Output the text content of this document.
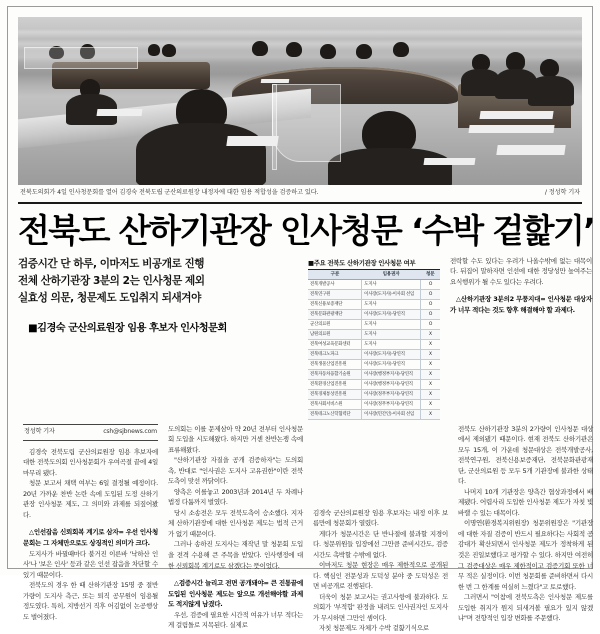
전북도의회가 4일 인사청문회를 열어 김경숙 전북도립 군산의료원장 내정자에 대한 임용 적합성을 검증하고 있다.	/ 정성학 기자
전북도 산하기관장 인사청문 ‘수박 겉핥기’
검증시간 단 하루, 이마저도 비공개로 진행
전체 산하기관장 3분의 2는 인사청문 제외
실효성 의문, 청문제도 도입취지 되새겨야
■김경숙 군산의료원장 임용 후보자 인사청문회
■주요 전북도 산하기관장 인사청문 여부
구분	임용권자	청문
전북개발공사	도지사	O
전북연구원	이사장(도지사)·이사회 선임	O
전북신용보증재단	도지사	O
전북문화관광재단	이사장(도지사)·당연직	O
군산의료원	도지사	O
남원의료원	도지사	X
전북여성교육문화센터	도지사	X
전북테크노파크	이사장(도지사)·당연직	X
전북생물산업진흥원	이사장(도지사)·당연직	X
전북자동차융합기술원	이사장(행정부지사)·당연직	X
전북환경산업진흥원	이사장(행정부지사)·당연직	X
전북경제통상진흥원	이사장(정무부지사)·당연직	X
전북사회서비스원	이사장(정무부지사)·당연직	X
전북테크노산학협력단	이사장(민간인)·이사회 선임	X

전락할 수도 있다는 우려가 나올수밖에 없는 대목이다. 뒤집어 말하자면 인선에 대한 정당성만 높여주는 요식행위가 될 수도 있다는 우려다.

△산하기관장 3분의2 무풍지대= 인사청문 대상자가 너무 적다는 것도 향후 해결해야 할 과제다.

정성학 기자	csh@sjbnews.com

김경숙 전북도립 군산의료원장 임용 후보자에 대한 전북도의회 인사청문회가 우여곡절 끝에 4일 마무리 됐다.

청문 보고서 채택 여부는 6일 결정될 예정이다. 20년 가까운 찬반 논란 속에 도입된 도정 산하기관장 인사청문 제도, 그 의미와 과제를 되짚어봤다.

△인선잡음 신뢰회복 계기로 삼자= 우선 인사청문회는 그 자체만으로도 상징적인 의미가 크다.

도지사가 바뀔때마다 불거진 이른바 '낙하산 인사'나 '보은 인사' 등과 같은 인선 잡음을 차단할 수 있기 때문이다.

전북도의 경우 한 때 산하기관장 15명 중 절반 가량이 도지사 측근, 또는 퇴직 공무원이 임용될 정도였다. 특히, 지방선거 직후 어김없이 논공행상도 벌어졌다.

도의회는 이를 문제삼아 약 20년 전부터 인사청문회 도입을 시도해왔다. 하지만 거센 찬반논쟁 속에 표류해왔다.

"산하기관장 자질을 공개 검증하자"는 도의회측, 반대로 "인사권은 도지사 고유권한"이란 전북도측이 맞선 까닭이다.

양측은 이를놓고 2003년과 2014년 두 차례나 법정 다툼까지 벌였다.

당시 소송전은 모두 전북도측이 승소했다. 지자체 산하기관장에 대한 인사청문 제도는 법적 근거가 없기 때문이다.

그러나 송하진 도지사는 재작년 말 청문회 도입을 전격 수용해 큰 주목을 받았다. 인사행정에 대한 신뢰회복 계기로도 삼겠다는 뜻이었다.

△검증시간 늘리고 전면 공개돼야= 큰 진통끝에 도입된 인사청문 제도는 앞으로 개선해야할 과제도 적지않게 남겼다.

우선, 검증에 필요한 시간적 여유가 너무 적다는 게 걸림돌로 지목된다. 실제로

김경숙 군산의료원장 임용 후보자는 내정 이후 보름만에 청문회가 열렸다.

게다가 청문시간은 단 반나절에 불과할 지경이다. 청문위원들 입장에선 그만큼 준비시간도, 검증시간도 촉박할 수밖에 없다.

이마저도 청문 현장은 매우 제한적으로 공개된다. 핵심인 전문성과 도덕성 분야 중 도덕성은 전면 비공개로 진행된다.

더욱이 청문 보고서는 권고사항에 불과하다. 도의회가 '부적합' 판정을 내려도 인사권자인 도지사가 무시하면 그만인 셈이다.

자칫 청문제도 자체가 수박 겉핥기식으로

전북도 산하기관장 3분의 2가량이 인사청문 대상에서 제외됐기 때문이다. 현재 전북도 산하기관은 모두 15개, 이 가운데 청문대상은 전북개발공사, 전북연구원, 전북신용보증재단, 전북문화관광재단, 군산의료원 등 모두 5개 기관장에 불과한 상태다.

나머지 10개 기관장은 양측간 협상과정에서 배제됐다. 어렵사리 도입한 인사청문 제도가 자칫 빛바랠 수 있는 대목이다.

이명연(환경복지위원장) 청문위원장은 "기관장에 대한 자질 검증이 반드시 필요하다는 사회적 공감대가 확산되면서 인사청문 제도가 정착하게 된 것은 진일보했다고 평가할 수 있다. 하지만 여전히 그 검증대상은 매우 제한적이고 검증기회 또한 너무 적은 실정이다. 이번 청문회를 준비하면서 다시 한 번 그 한계를 여실히 느꼈다"고 토로했다.

그러면서 "이참에 전북도측은 인사청문 제도를 도입한 취지가 뭔지 되새겨볼 필요가 있지 않겠냐"며 전향적인 입장 변화를 주문했다.
